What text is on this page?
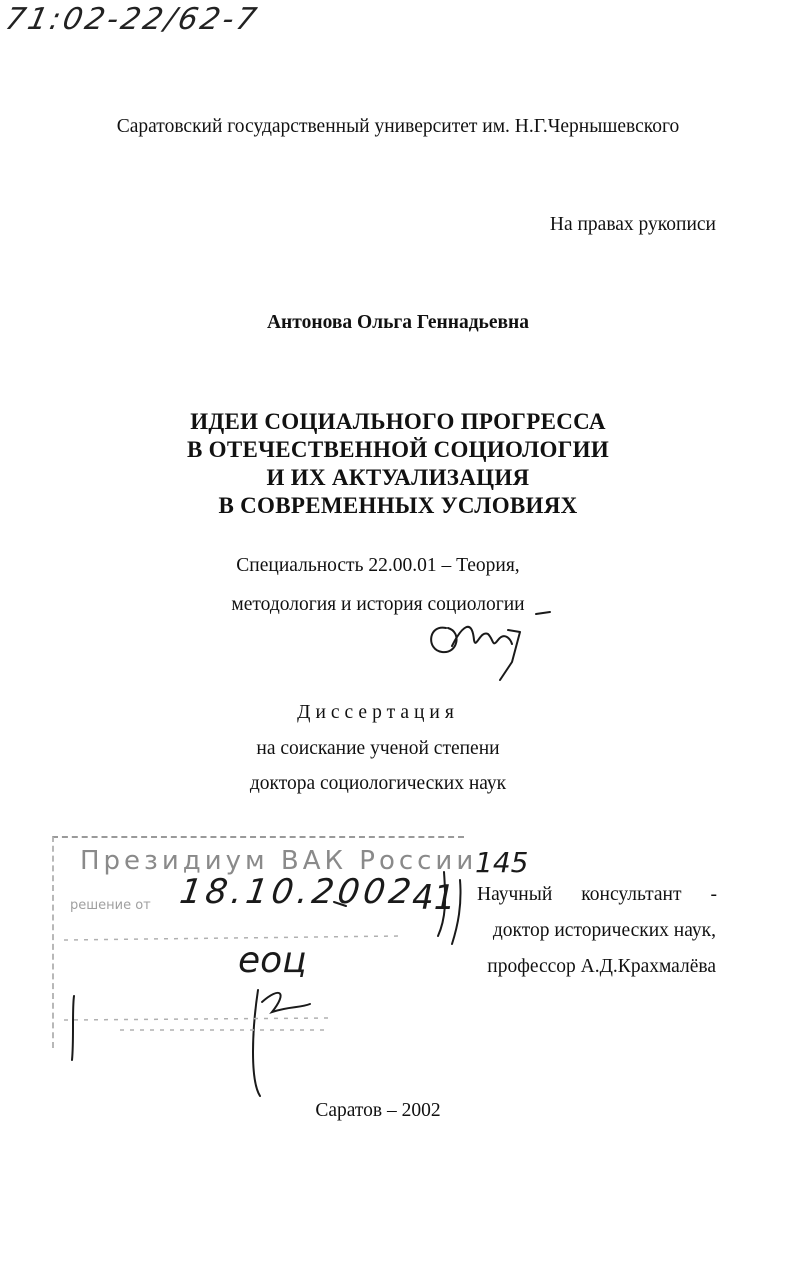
71:02-22/62-7
Саратовский государственный университет им. Н.Г.Чернышевского
На правах рукописи
Антонова Ольга Геннадьевна
ИДЕИ СОЦИАЛЬНОГО ПРОГРЕССА
В ОТЕЧЕСТВЕННОЙ СОЦИОЛОГИИ
И ИХ АКТУАЛИЗАЦИЯ
В СОВРЕМЕННЫХ УСЛОВИЯХ
Специальность 22.00.01 – Теория,
методология и история социологии
Диссертация
на соискание ученой степени
доктора социологических наук
Президиум ВАК России
решение от 18.10.2002
145
41
еоц
Научный консультант -
доктор исторических наук,
профессор А.Д.Крахмалёва
Саратов – 2002
